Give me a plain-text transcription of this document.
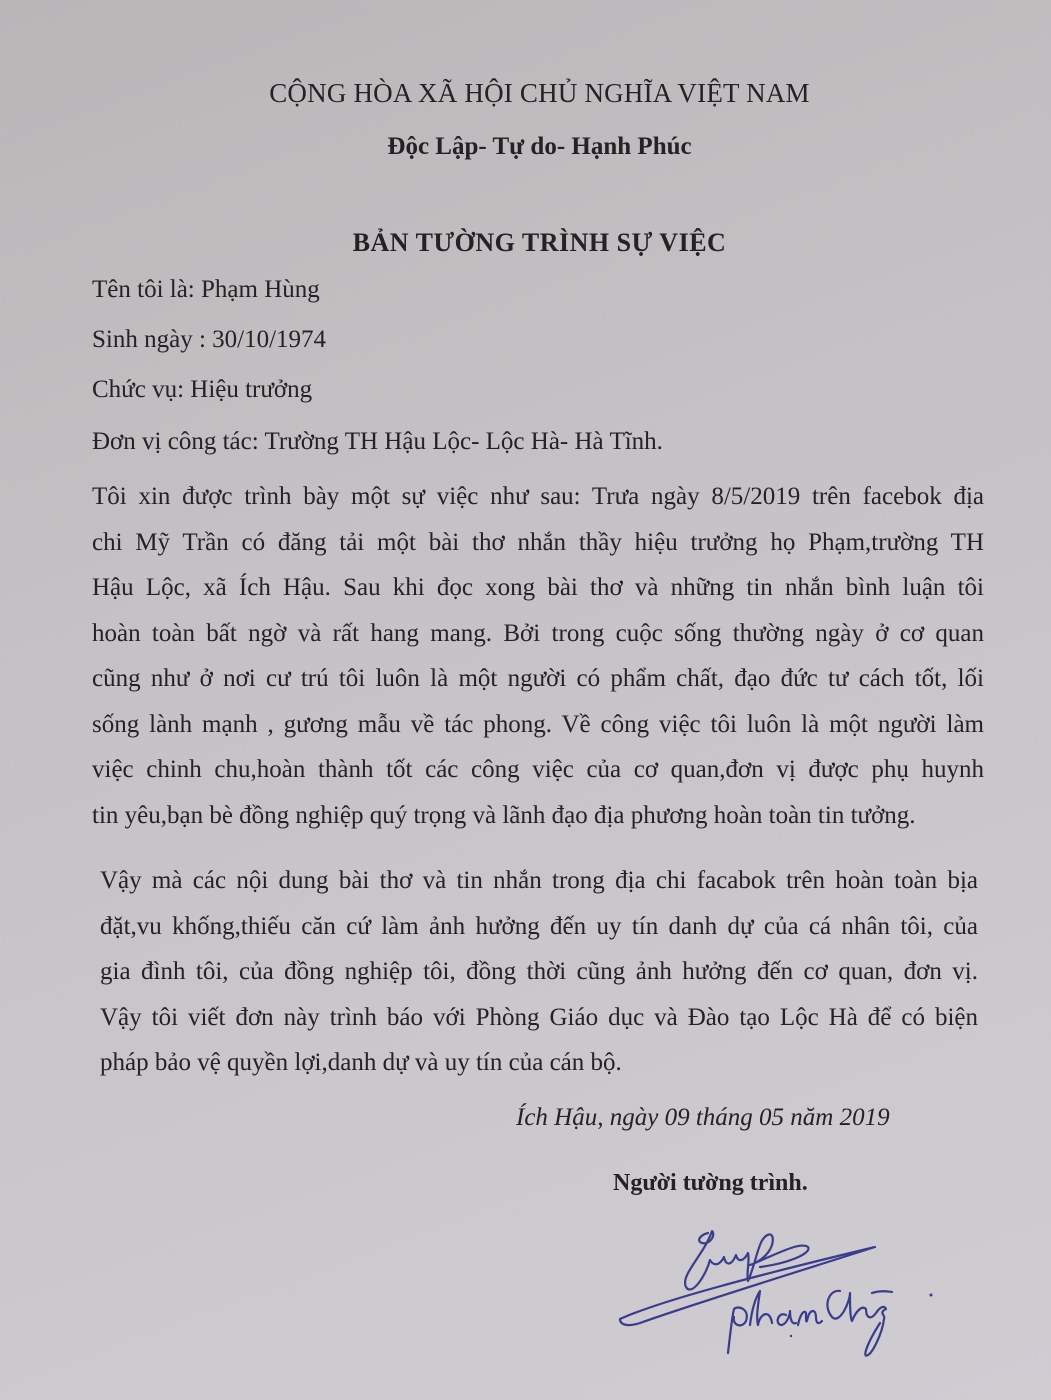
CỘNG HÒA XÃ HỘI CHỦ NGHĨA VIỆT NAM
Độc Lập- Tự do- Hạnh Phúc
BẢN TƯỜNG TRÌNH SỰ VIỆC
Tên tôi là: Phạm Hùng
Sinh ngày : 30/10/1974
Chức vụ: Hiệu trưởng
Đơn vị công tác: Trường TH Hậu Lộc- Lộc Hà- Hà Tĩnh.
Tôi xin được trình bày một sự việc như sau: Trưa ngày 8/5/2019 trên facebok địa
chi Mỹ Trần có đăng tải một bài thơ nhắn thầy hiệu trưởng họ Phạm,trường TH
Hậu Lộc, xã Ích Hậu. Sau khi đọc xong bài thơ và những tin nhắn bình luận tôi
hoàn toàn bất ngờ và rất hang mang. Bởi trong cuộc sống thường ngày ở cơ quan
cũng như ở nơi cư trú tôi luôn là một người có phẩm chất, đạo đức tư cách tốt, lối
sống lành mạnh , gương mẫu về tác phong. Về công việc tôi luôn là một người làm
việc chinh chu,hoàn thành tốt các công việc của cơ quan,đơn vị được phụ huynh
tin yêu,bạn bè đồng nghiệp quý trọng và lãnh đạo địa phương hoàn toàn tin tưởng.
Vậy mà các nội dung bài thơ và tin nhắn trong địa chi facabok trên hoàn toàn bịa
đặt,vu khống,thiếu căn cứ làm ảnh hưởng đến uy tín danh dự của cá nhân tôi, của
gia đình tôi, của đồng nghiệp tôi, đồng thời cũng ảnh hưởng đến cơ quan, đơn vị.
Vậy tôi viết đơn này trình báo với Phòng Giáo dục và Đào tạo Lộc Hà để có biện
pháp bảo vệ quyền lợi,danh dự và uy tín của cán bộ.
Ích Hậu, ngày 09 tháng 05 năm 2019
Người tường trình.
